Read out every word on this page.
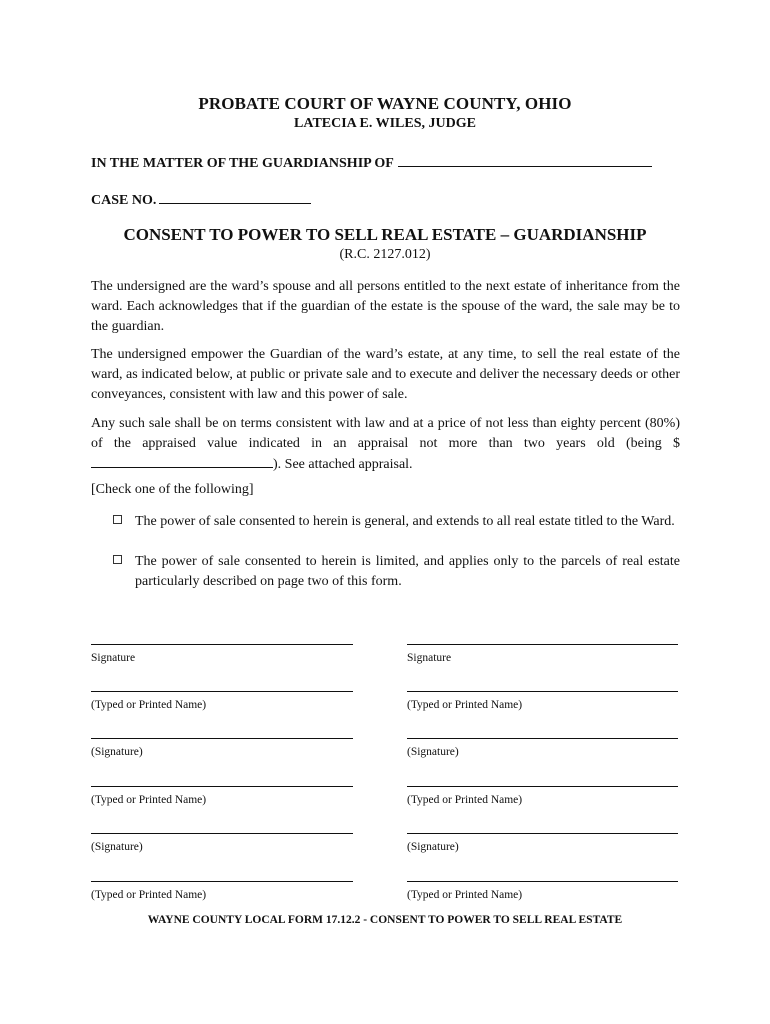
PROBATE COURT OF WAYNE COUNTY, OHIO
LATECIA E. WILES, JUDGE
IN THE MATTER OF THE GUARDIANSHIP OF
CASE NO.
CONSENT TO POWER TO SELL REAL ESTATE – GUARDIANSHIP
(R.C. 2127.012)
The undersigned are the ward’s spouse and all persons entitled to the next estate of inheritance from the ward. Each acknowledges that if the guardian of the estate is the spouse of the ward, the sale may be to the guardian.
The undersigned empower the Guardian of the ward’s estate, at any time, to sell the real estate of the ward, as indicated below, at public or private sale and to execute and deliver the necessary deeds or other conveyances, consistent with law and this power of sale.
Any such sale shall be on terms consistent with law and at a price of not less than eighty percent (80%) of the appraised value indicated in an appraisal not more than two years old (being $). See attached appraisal.
[Check one of the following]
The power of sale consented to herein is general, and extends to all real estate titled to the Ward.
The power of sale consented to herein is limited, and applies only to the parcels of real estate particularly described on page two of this form.
Signature	Signature
(Typed or Printed Name)	(Typed or Printed Name)
(Signature)	(Signature)
(Typed or Printed Name)	(Typed or Printed Name)
(Signature)	(Signature)
(Typed or Printed Name)	(Typed or Printed Name)
WAYNE COUNTY LOCAL FORM 17.12.2 - CONSENT TO POWER TO SELL REAL ESTATE
